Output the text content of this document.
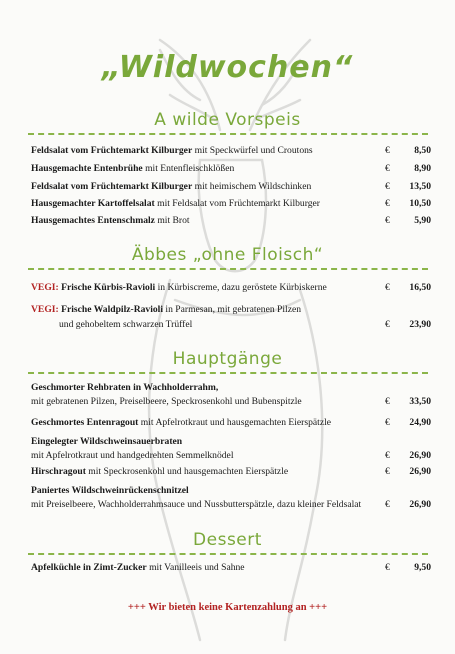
„Wildwochen“
A wilde Vorspeis
Feldsalat vom Früchtemarkt Kilburger mit Speckwürfel und Croutons	€	8,50
Hausgemachte Entenbrühe mit Entenfleischklößen	€	8,90
Feldsalat vom Früchtemarkt Kilburger mit heimischem Wildschinken	€ 13,50
Hausgemachter Kartoffelsalat mit Feldsalat vom Früchtemarkt Kilburger	€ 10,50
Hausgemachtes Entenschmalz mit Brot	€	5,90
Äbbes „ohne Floisch“
VEGI: Frische Kürbis-Ravioli in Kürbiscreme, dazu geröstete Kürbiskerne	€ 16,50
VEGI: Frische Waldpilz-Ravioli in Parmesan, mit gebratenen Pilzen
und gehobeltem schwarzen Trüffel	€ 23,90
Hauptgänge
Geschmorter Rehbraten in Wachholderrahm,
mit gebratenen Pilzen, Preiselbeere, Speckrosenkohl und Bubenspitzle	€ 33,50
Geschmortes Entenragout mit Apfelrotkraut und hausgemachten Eierspätzle	€ 24,90
Eingelegter Wildschweinsauerbraten
mit Apfelrotkraut und handgedrehten Semmelknödel	€ 26,90
Hirschragout mit Speckrosenkohl und hausgemachten Eierspätzle	€ 26,90
Paniertes Wildschweinrückenschnitzel
mit Preiselbeere, Wachholderrahmsauce und Nussbutterspätzle, dazu kleiner Feldsalat	€ 26,90
Dessert
Apfelküchle in Zimt-Zucker mit Vanilleeis und Sahne	€	9,50
+++ Wir bieten keine Kartenzahlung an +++
